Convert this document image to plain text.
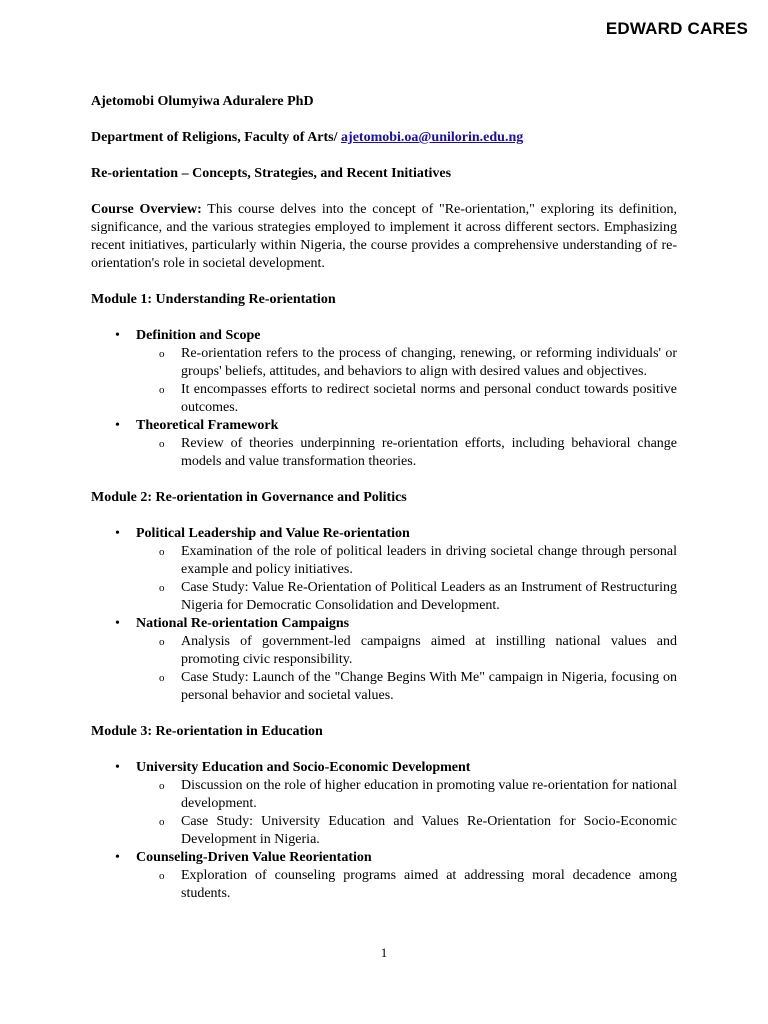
EDWARD CARES

Ajetomobi Olumyiwa Aduralere PhD

Department of Religions, Faculty of Arts/ ajetomobi.oa@unilorin.edu.ng

Re-orientation – Concepts, Strategies, and Recent Initiatives

Course Overview: This course delves into the concept of "Re-orientation," exploring its definition, significance, and the various strategies employed to implement it across different sectors. Emphasizing recent initiatives, particularly within Nigeria, the course provides a comprehensive understanding of re-orientation's role in societal development.

Module 1: Understanding Re-orientation

• Definition and Scope
o Re-orientation refers to the process of changing, renewing, or reforming individuals' or groups' beliefs, attitudes, and behaviors to align with desired values and objectives.
o It encompasses efforts to redirect societal norms and personal conduct towards positive outcomes.
• Theoretical Framework
o Review of theories underpinning re-orientation efforts, including behavioral change models and value transformation theories.

Module 2: Re-orientation in Governance and Politics

• Political Leadership and Value Re-orientation
o Examination of the role of political leaders in driving societal change through personal example and policy initiatives.
o Case Study: Value Re-Orientation of Political Leaders as an Instrument of Restructuring Nigeria for Democratic Consolidation and Development.
• National Re-orientation Campaigns
o Analysis of government-led campaigns aimed at instilling national values and promoting civic responsibility.
o Case Study: Launch of the "Change Begins With Me" campaign in Nigeria, focusing on personal behavior and societal values.

Module 3: Re-orientation in Education

• University Education and Socio-Economic Development
o Discussion on the role of higher education in promoting value re-orientation for national development.
o Case Study: University Education and Values Re-Orientation for Socio-Economic Development in Nigeria.
• Counseling-Driven Value Reorientation
o Exploration of counseling programs aimed at addressing moral decadence among students.
1
